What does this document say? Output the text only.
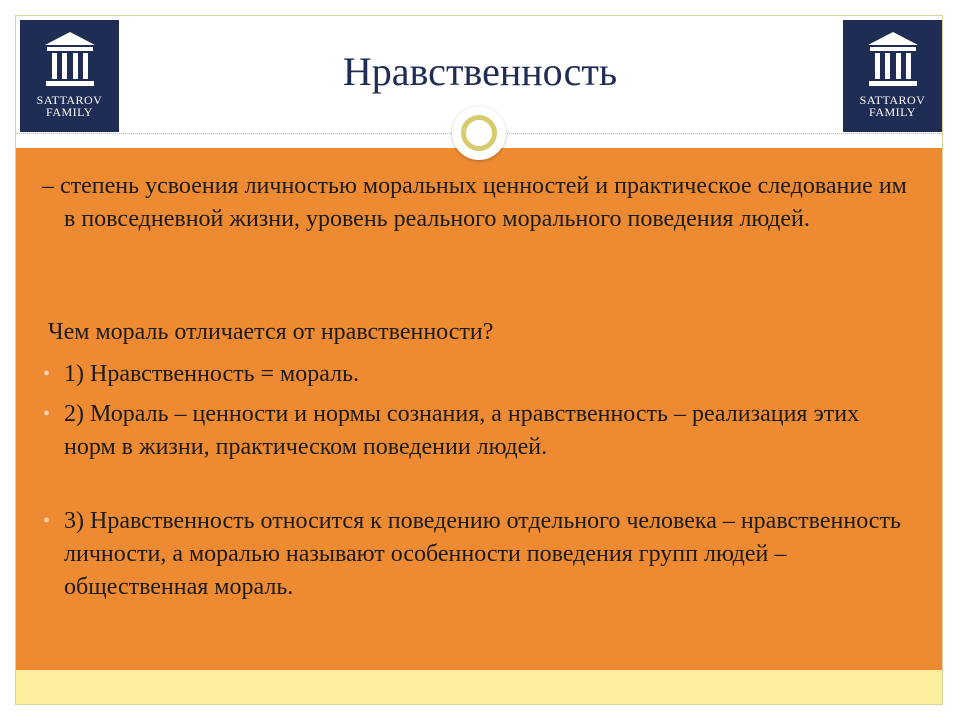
SATTAROV
FAMILY
SATTAROV
FAMILY
Нравственность

– степень усвоения личностью моральных ценностей и практическое следование им в повседневной жизни, уровень реального морального поведения людей.

Чем мораль отличается от нравственности?

• 1) Нравственность = мораль.
• 2) Мораль – ценности и нормы сознания, а нравственность – реализация этих норм в жизни, практическом поведении людей.
• 3) Нравственность относится к поведению отдельного человека – нравственность личности, а моралью называют особенности поведения групп людей – общественная мораль.
